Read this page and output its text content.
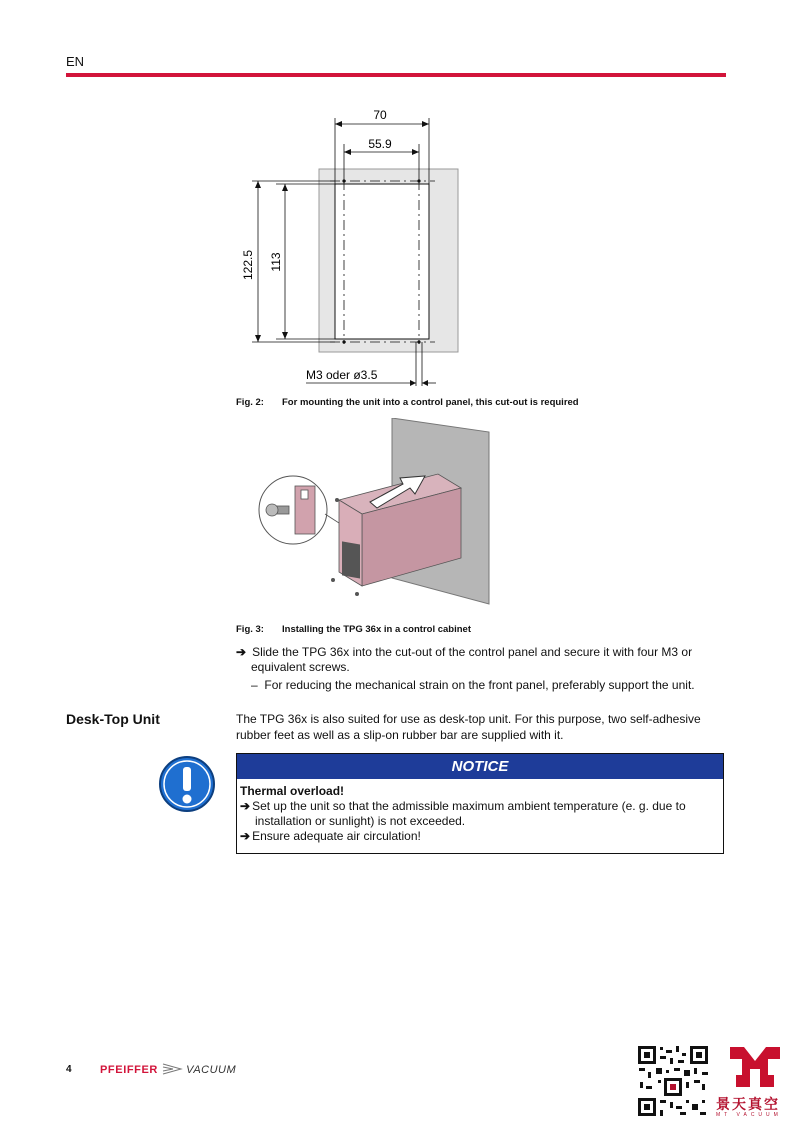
EN
70
55.9
122.5 113
M3 oder ø3.5
Fig. 2: For mounting the unit into a control panel, this cut-out is required
Fig. 3: Installing the TPG 36x in a control cabinet
➔ Slide the TPG 36x into the cut-out of the control panel and secure it with four M3 or
equivalent screws.
– For reducing the mechanical strain on the front panel, preferably support the unit.
Desk-Top Unit	The TPG 36x is also suited for use as desk-top unit. For this purpose, two self-adhesive
rubber feet as well as a slip-on rubber bar are supplied with it.
NOTICE

Thermal overload!

➔ Set up the unit so that the admissible maximum ambient temperature (e. g. due to

installation or sunlight) is not exceeded.

➔ Ensure adequate air circulation!

4	PFEIFFER	VACUUM
景天真空
MT VACUUM
